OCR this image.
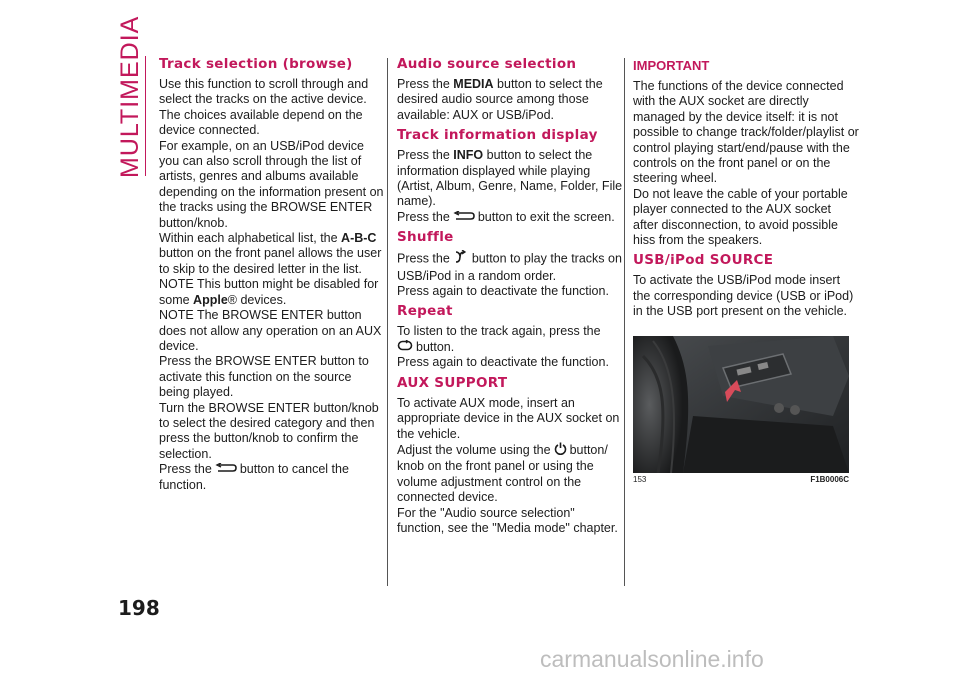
MULTIMEDIA Track selection (browse)

Use this function to scroll through and select the tracks on the active device. The choices available depend on the device connected.

For example, on an USB/iPod device you can also scroll through the list of artists, genres and albums available depending on the information present on the tracks using the BROWSE ENTER button/knob.

Within each alphabetical list, the A-B-C button on the front panel allows the user to skip to the desired letter in the list.

NOTE This button might be disabled for some Apple® devices.

NOTE The BROWSE ENTER button does not allow any operation on an AUX device.

Press the BROWSE ENTER button to activate this function on the source being played.

Turn the BROWSE ENTER button/knob to select the desired category and then press the button/knob to confirm the selection.

Press the button to cancel the function.

Audio source selection

Press the MEDIA button to select the desired audio source among those available: AUX or USB/iPod.

Track information display

Press the INFO button to select the information displayed while playing (Artist, Album, Genre, Name, Folder, File name).

Press the button to exit the screen.

Shuffle

Press the button to play the tracks on USB/iPod in a random order.

Press again to deactivate the function.

Repeat

To listen to the track again, press the
button.

Press again to deactivate the function.

AUX SUPPORT

To activate AUX mode, insert an appropriate device in the AUX socket on the vehicle.

Adjust the volume using the button/ knob on the front panel or using the volume adjustment control on the connected device.

For the "Audio source selection" function, see the "Media mode" chapter.

IMPORTANT

The functions of the device connected with the AUX socket are directly managed by the device itself: it is not possible to change track/folder/playlist or control playing start/end/pause with the controls on the front panel or on the steering wheel.

Do not leave the cable of your portable player connected to the AUX socket after disconnection, to avoid possible hiss from the speakers.

USB/iPod SOURCE

To activate the USB/iPod mode insert the corresponding device (USB or iPod) in the USB port present on the vehicle.

153	F1B0006C
198
carmanualsonline.info
